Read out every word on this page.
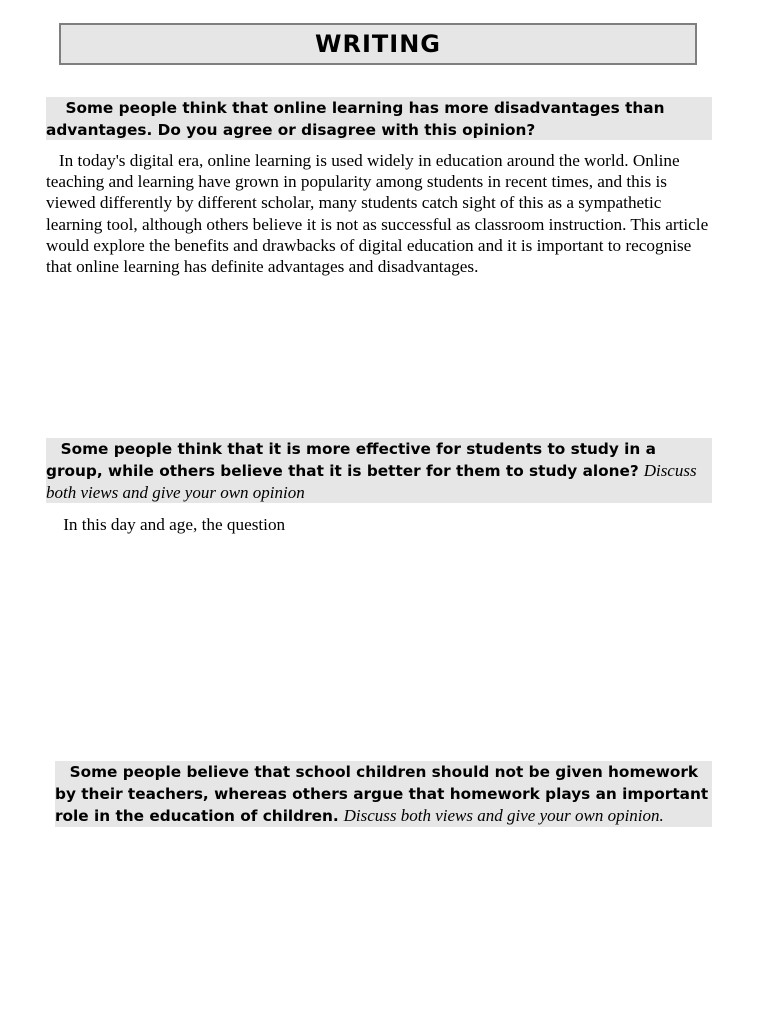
WRITING
Some people think that online learning has more disadvantages than advantages. Do you agree or disagree with this opinion?
In today's digital era, online learning is used widely in education around the world. Online teaching and learning have grown in popularity among students in recent times, and this is viewed differently by different scholar, many students catch sight of this as a sympathetic learning tool, although others believe it is not as successful as classroom instruction. This article would explore the benefits and drawbacks of digital education and it is important to recognise that online learning has definite advantages and disadvantages.
Some people think that it is more effective for students to study in a group, while others believe that it is better for them to study alone? Discuss both views and give your own opinion
In this day and age, the question
Some people believe that school children should not be given homework by their teachers, whereas others argue that homework plays an important role in the education of children. Discuss both views and give your own opinion.
